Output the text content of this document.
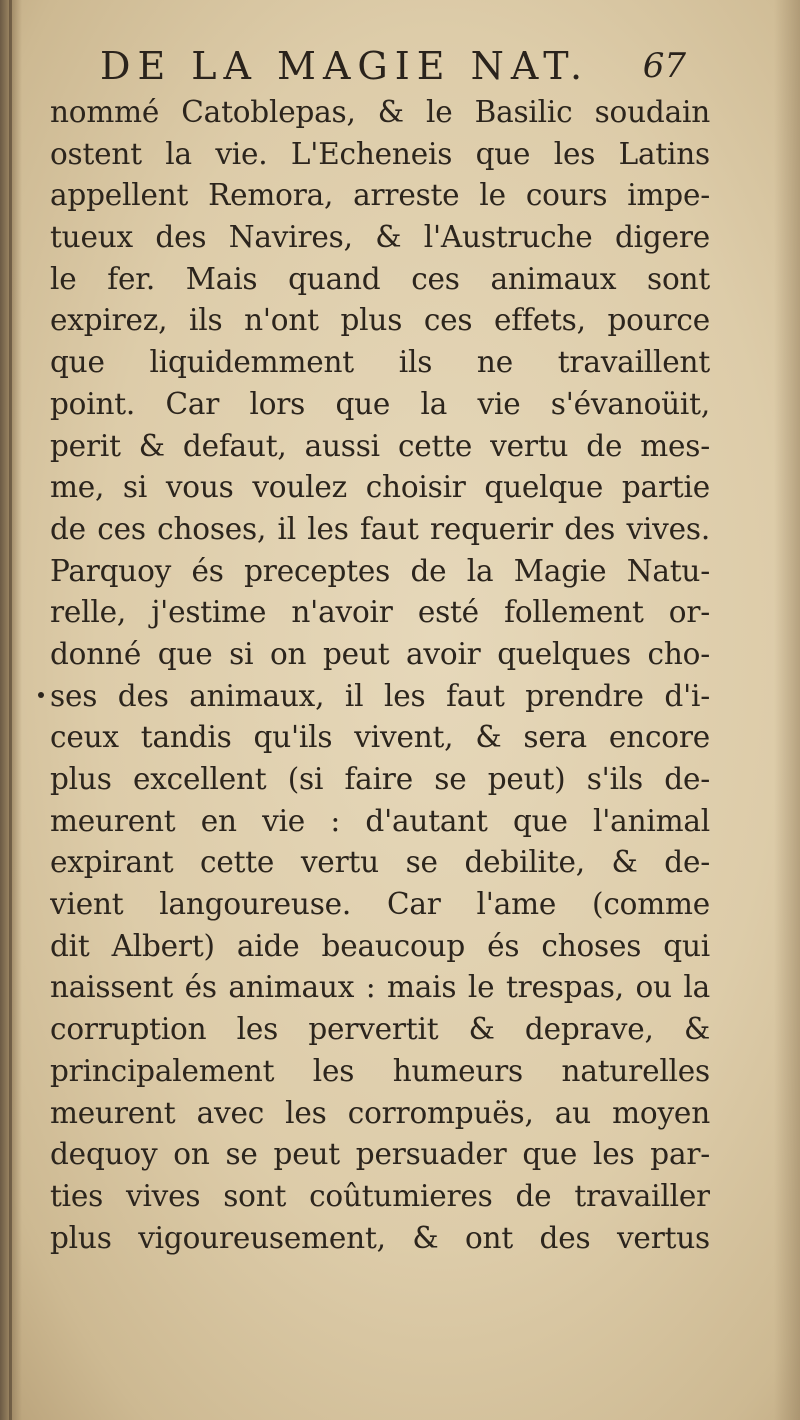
DE LA MAGIE NAT. 67
nommé Catoblepas, & le Basilic soudain
ostent la vie. L'Echeneis que les Latins
appellent Remora, arreste le cours impe-
tueux des Navires, & l'Austruche digere
le fer. Mais quand ces animaux sont
expirez, ils n'ont plus ces effets, pource
que liquidemment ils ne travaillent
point. Car lors que la vie s'évanoüit,
perit & defaut, aussi cette vertu de mes-
me, si vous voulez choisir quelque partie
de ces choses, il les faut requerir des vives.
Parquoy és preceptes de la Magie Natu-
relle, j'estime n'avoir esté follement or-
donné que si on peut avoir quelques cho-
ses des animaux, il les faut prendre d'i-
ceux tandis qu'ils vivent, & sera encore
plus excellent (si faire se peut) s'ils de-
meurent en vie : d'autant que l'animal
expirant cette vertu se debilite, & de-
vient langoureuse. Car l'ame (comme
dit Albert) aide beaucoup és choses qui
naissent és animaux : mais le trespas, ou la
corruption les pervertit & deprave, &
principalement les humeurs naturelles
meurent avec les corrompuës, au moyen
dequoy on se peut persuader que les par-
ties vives sont coûtumieres de travailler
plus vigoureusement, & ont des vertus
